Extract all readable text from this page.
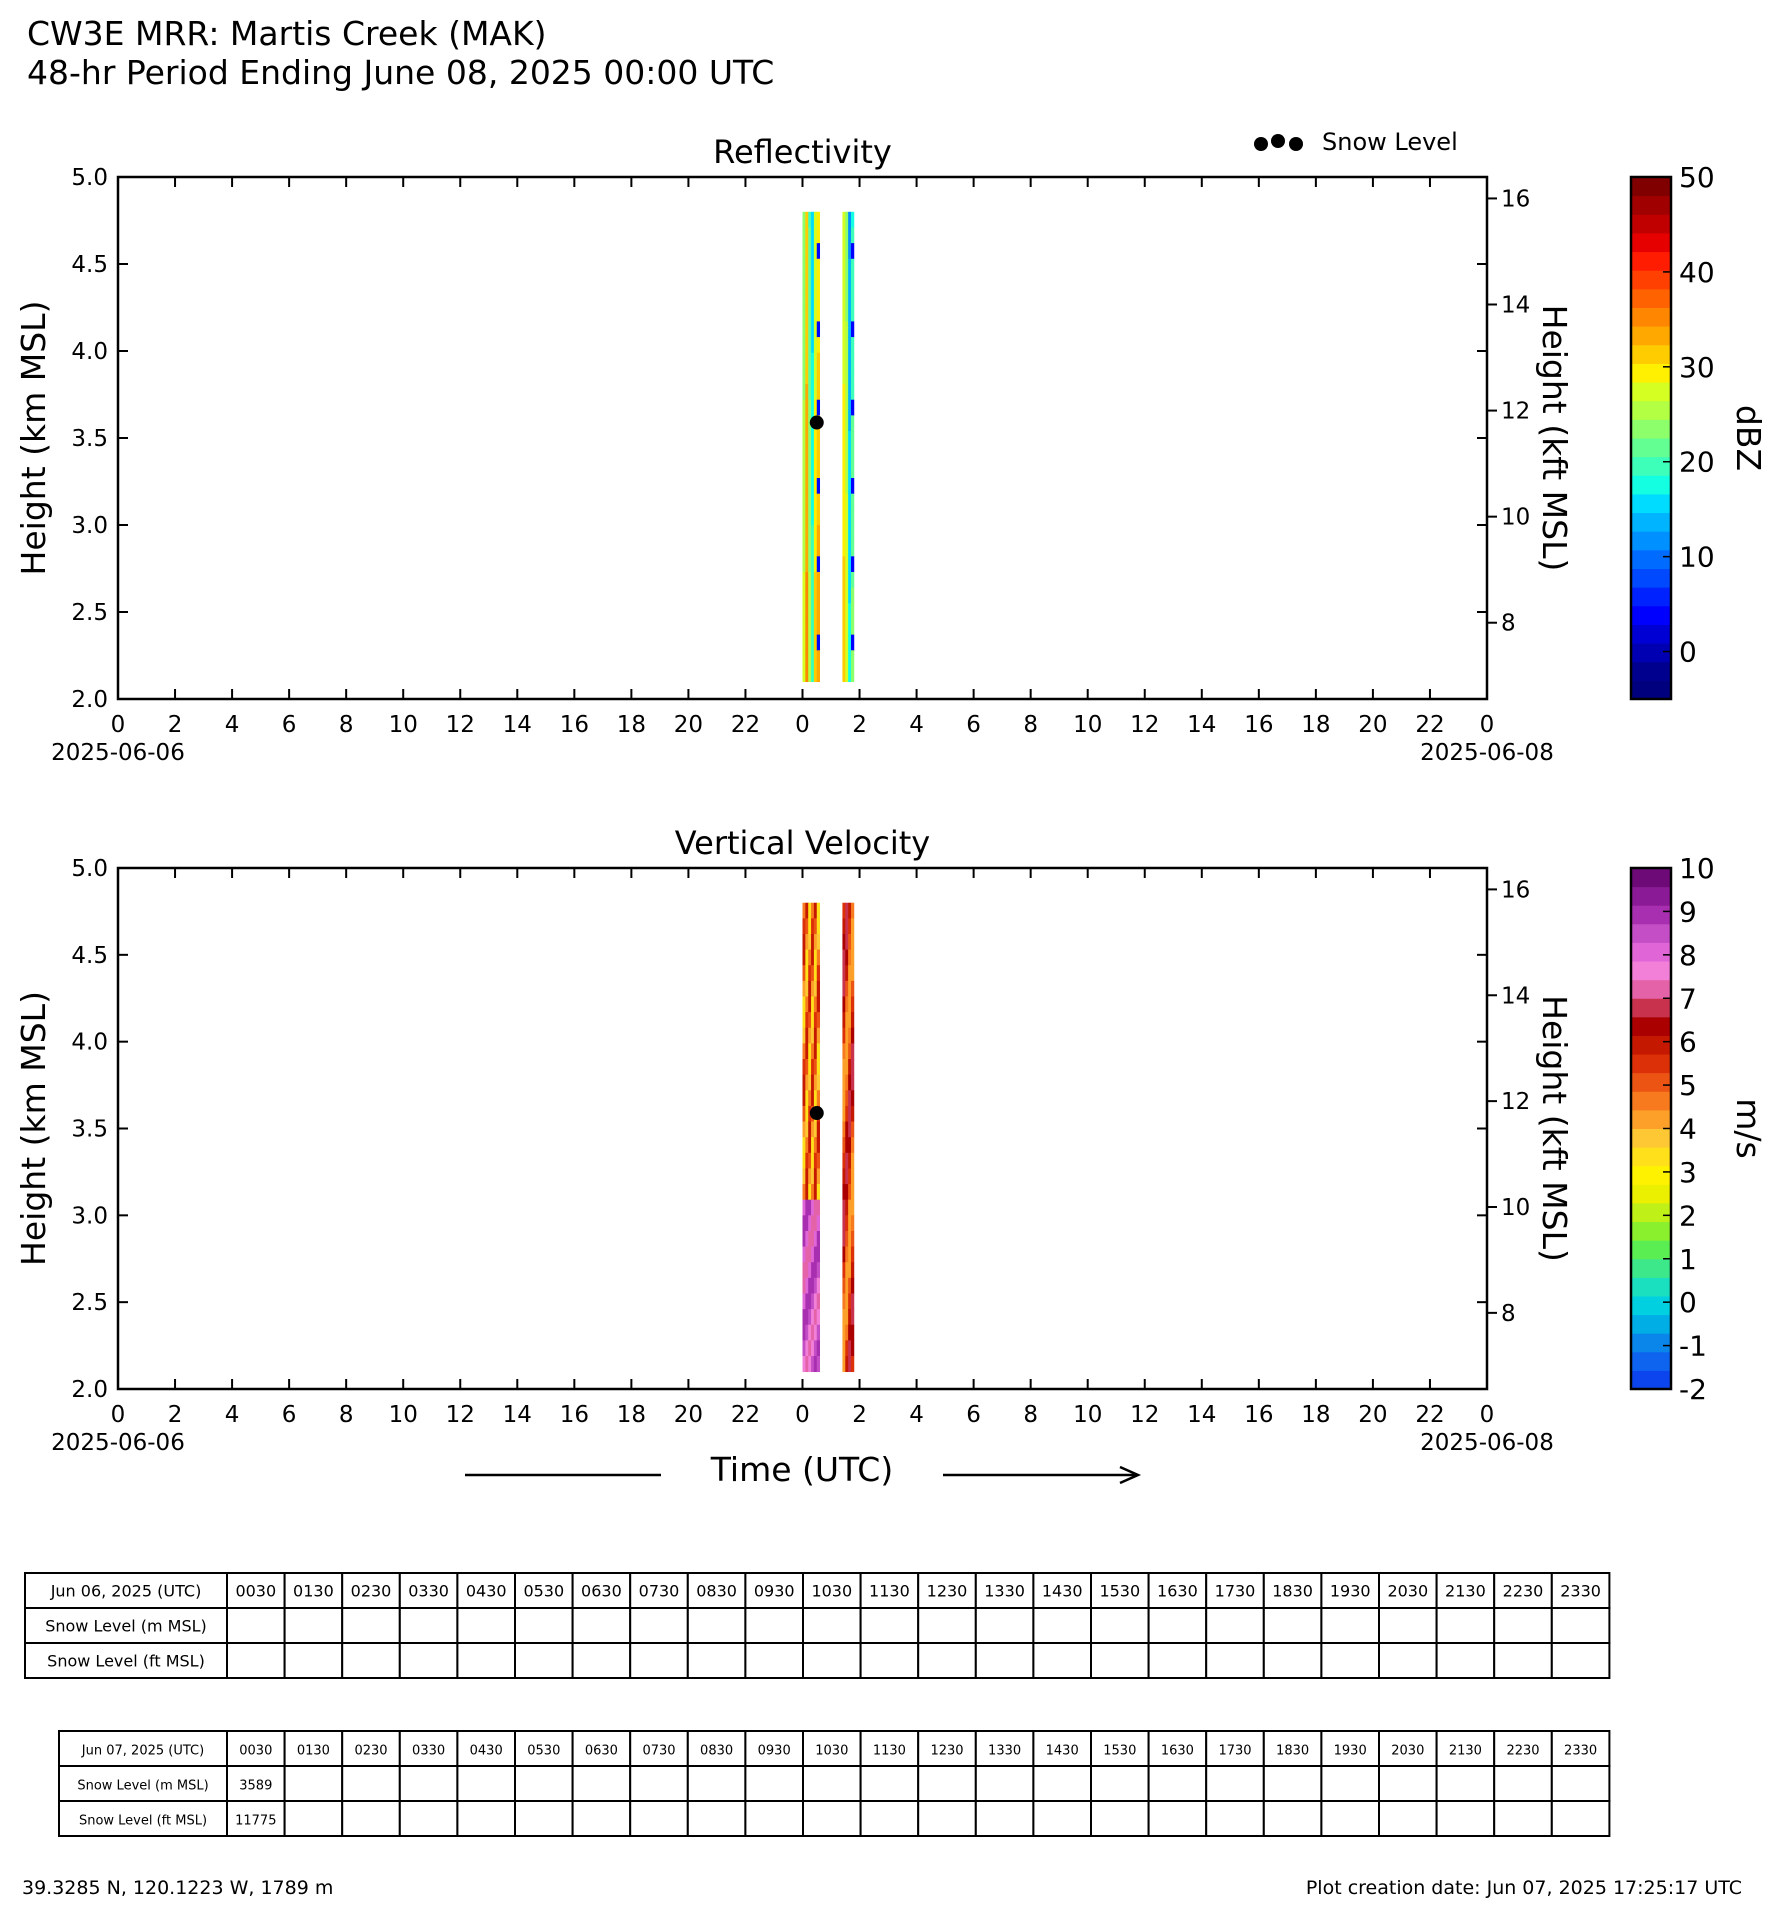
CW3E MRR: Martis Creek (MAK)
48-hr Period Ending June 08, 2025 00:00 UTC
Snow Level
Reflectivity
2.0
2.5
3.0
3.5
4.0
4.5
5.0
8
10
12
14
16
Height (km MSL)	Height (kft MSL)
0 2 4 6 8 10 12 14 16 18 20 22 0 2 4 6 8 10 12 14 16 18 20 22 0
2025-06-06	2025-06-08
0
10
20
30
40
50
dBZ
Vertical Velocity
2.0
2.5
3.0
3.5
4.0
4.5
5.0
8
10
12
14
16
Height (km MSL)	Height (kft MSL)
0 2 4 6 8 10 12 14 16 18 20 22 0 2 4 6 8 10 12 14 16 18 20 22 0
2025-06-06	2025-06-08
-2
-1
0
1
2
3
4
5
6
7
8
9
10
m/s
Time (UTC)
Jun 06, 2025 (UTC) 0030 0130 0230 0330 0430 0530 0630 0730 0830 0930 1030 1130 1230 1330 1430 1530 1630 1730 1830 1930 2030 2130 2230 2330
Snow Level (m MSL)
Snow Level (ft MSL)
Jun 07, 2025 (UTC)	0030 0130 0230 0330 0430 0530 0630 0730 0830 0930 1030 1130 1230 1330 1430 1530 1630 1730 1830 1930 2030 2130 2230 2330
Snow Level (m MSL) 3589
Snow Level (ft MSL) 11775
39.3285 N, 120.1223 W, 1789 m	Plot creation date: Jun 07, 2025 17:25:17 UTC
